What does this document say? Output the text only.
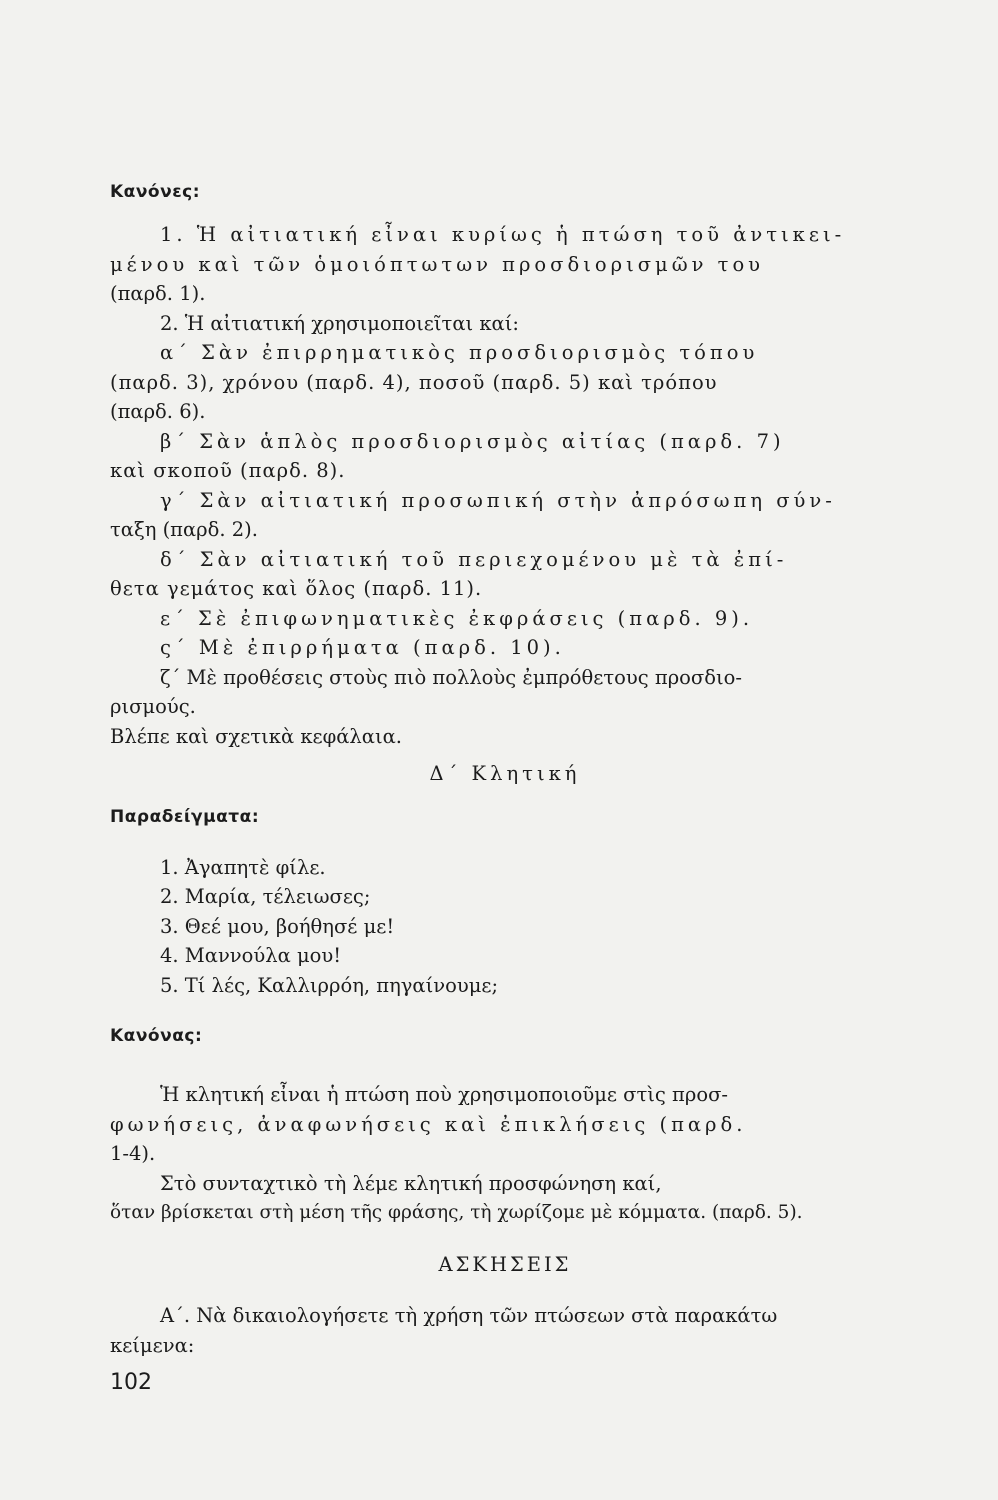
Κανόνες:

1. Ἡ αἰτιατική εἶναι κυρίως ἡ πτώση τοῦ ἀντικει-

μένου καὶ τῶν ὁμοιόπτωτων προσδιορισμῶν του

(παρδ. 1).

2. Ἡ αἰτιατική χρησιμοποιεῖται καί:

α΄ Σὰν ἐπιρρηματικὸς προσδιορισμὸς τόπου

(παρδ. 3), χρόνου (παρδ. 4), ποσοῦ (παρδ. 5) καὶ τρόπου

(παρδ. 6).

β΄ Σὰν ἁπλὸς προσδιορισμὸς αἰτίας (παρδ. 7)

καὶ σκοποῦ (παρδ. 8).

γ΄ Σὰν αἰτιατική προσωπική στὴν ἀπρόσωπη σύν-

ταξη (παρδ. 2).

δ΄ Σὰν αἰτιατική τοῦ περιεχομένου μὲ τὰ ἐπί-

θετα γεμάτος καὶ ὅλος (παρδ. 11).

ε΄ Σὲ ἐπιφωνηματικὲς ἐκφράσεις (παρδ. 9).

ς΄ Μὲ ἐπιρρήματα (παρδ. 10).

ζ΄ Μὲ προθέσεις στοὺς πιὸ πολλοὺς ἐμπρόθετους προσδιο-

ρισμούς.

Βλέπε καὶ σχετικὰ κεφάλαια.

Δ΄ Κλητική

Παραδείγματα:

1. Ἀγαπητὲ φίλε.

2. Μαρία, τέλειωσες;

3. Θεέ μου, βοήθησέ με!

4. Μαννούλα μου!

5. Τί λές, Καλλιρρόη, πηγαίνουμε;

Κανόνας:

Ἡ κλητική εἶναι ἡ πτώση ποὺ χρησιμοποιοῦμε στὶς προσ-

φωνήσεις, ἀναφωνήσεις καὶ ἐπικλήσεις (παρδ.

1-4).

Στὸ συνταχτικὸ τὴ λέμε κλητική προσφώνηση καί,

ὅταν βρίσκεται στὴ μέση τῆς φράσης, τὴ χωρίζομε μὲ κόμματα. (παρδ. 5).

ΑΣΚΗΣΕΙΣ

Α΄. Νὰ δικαιολογήσετε τὴ χρήση τῶν πτώσεων στὰ παρακάτω

κείμενα:

102
